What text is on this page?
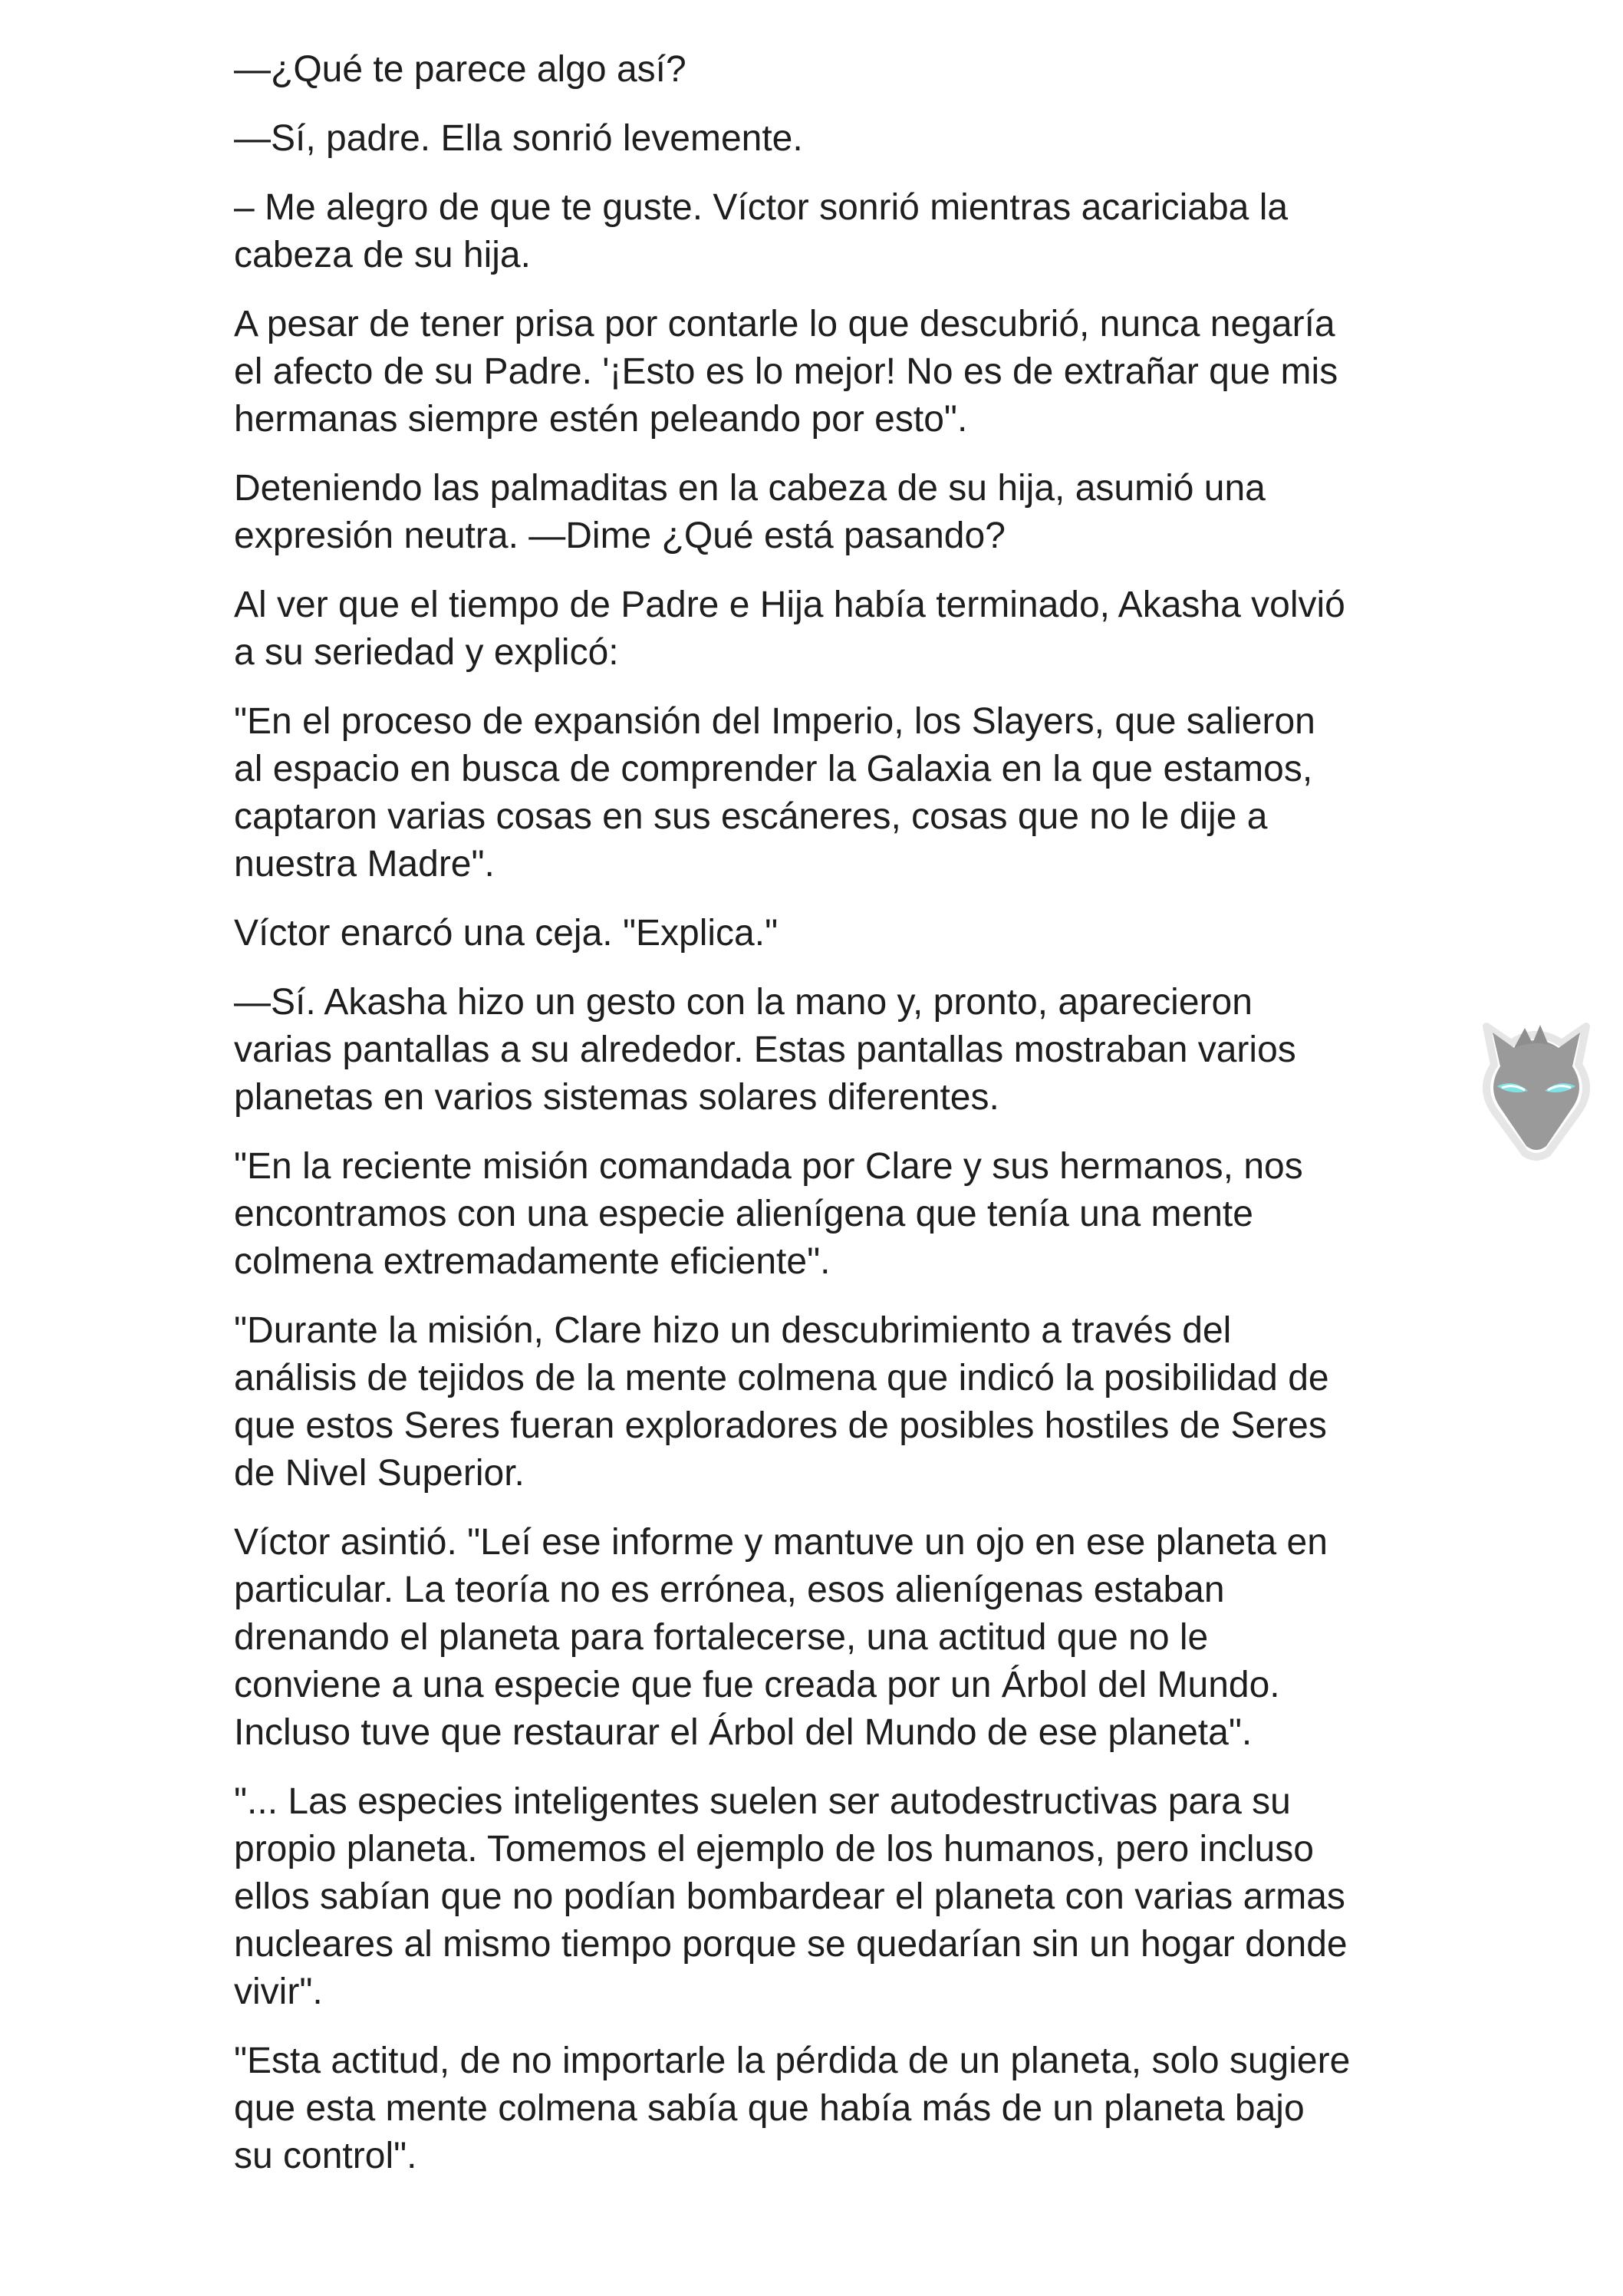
—¿Qué te parece algo así?

—Sí, padre. Ella sonrió levemente.

– Me alegro de que te guste. Víctor sonrió mientras acariciaba la
cabeza de su hija.

A pesar de tener prisa por contarle lo que descubrió, nunca negaría
el afecto de su Padre. '¡Esto es lo mejor! No es de extrañar que mis
hermanas siempre estén peleando por esto".

Deteniendo las palmaditas en la cabeza de su hija, asumió una
expresión neutra. —Dime ¿Qué está pasando?

Al ver que el tiempo de Padre e Hija había terminado, Akasha volvió
a su seriedad y explicó:

"En el proceso de expansión del Imperio, los Slayers, que salieron
al espacio en busca de comprender la Galaxia en la que estamos,
captaron varias cosas en sus escáneres, cosas que no le dije a
nuestra Madre".

Víctor enarcó una ceja. "Explica."

—Sí. Akasha hizo un gesto con la mano y, pronto, aparecieron
varias pantallas a su alrededor. Estas pantallas mostraban varios
planetas en varios sistemas solares diferentes.

"En la reciente misión comandada por Clare y sus hermanos, nos
encontramos con una especie alienígena que tenía una mente
colmena extremadamente eficiente".

"Durante la misión, Clare hizo un descubrimiento a través del
análisis de tejidos de la mente colmena que indicó la posibilidad de
que estos Seres fueran exploradores de posibles hostiles de Seres
de Nivel Superior.

Víctor asintió. "Leí ese informe y mantuve un ojo en ese planeta en
particular. La teoría no es errónea, esos alienígenas estaban
drenando el planeta para fortalecerse, una actitud que no le
conviene a una especie que fue creada por un Árbol del Mundo.
Incluso tuve que restaurar el Árbol del Mundo de ese planeta".

"... Las especies inteligentes suelen ser autodestructivas para su
propio planeta. Tomemos el ejemplo de los humanos, pero incluso
ellos sabían que no podían bombardear el planeta con varias armas
nucleares al mismo tiempo porque se quedarían sin un hogar donde
vivir".

"Esta actitud, de no importarle la pérdida de un planeta, solo sugiere
que esta mente colmena sabía que había más de un planeta bajo
su control".
